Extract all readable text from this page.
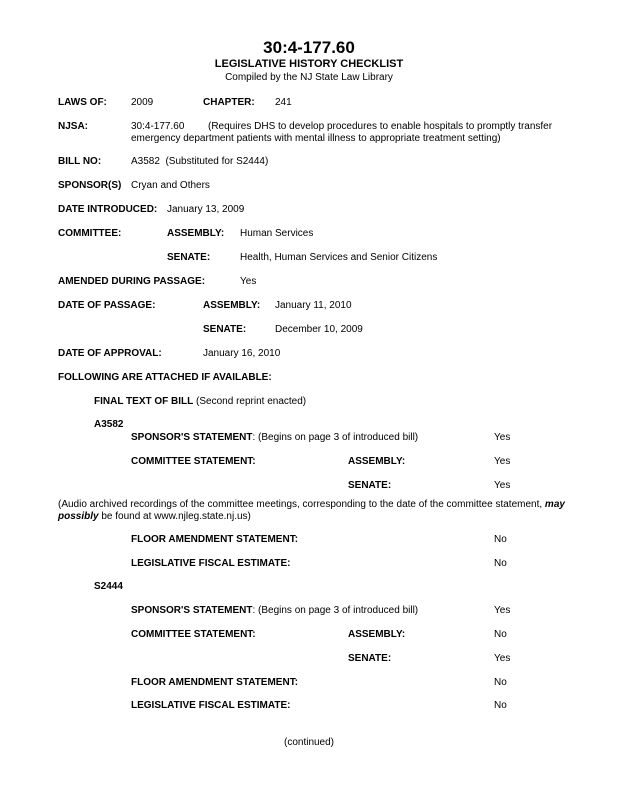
30:4-177.60
LEGISLATIVE HISTORY CHECKLIST
Compiled by the NJ State Law Library
LAWS OF: 2009	CHAPTER: 241
NJSA:	30:4-177.60	(Requires DHS to develop procedures to enable hospitals to promptly transfer emergency department patients with mental illness to appropriate treatment setting)
BILL NO:	A3582  (Substituted for S2444)
SPONSOR(S) Cryan and Others
DATE INTRODUCED: January 13, 2009
COMMITTEE:	ASSEMBLY: Human Services
SENATE:	Health, Human Services and Senior Citizens
AMENDED DURING PASSAGE:	Yes
DATE OF PASSAGE:	ASSEMBLY: January 11, 2010
SENATE:	December 10, 2009
DATE OF APPROVAL:	January 16, 2010
FOLLOWING ARE ATTACHED IF AVAILABLE:
FINAL TEXT OF BILL (Second reprint enacted)
A3582
SPONSOR'S STATEMENT: (Begins on page 3 of introduced bill)	Yes
COMMITTEE STATEMENT:	ASSEMBLY:	Yes
SENATE:	Yes
(Audio archived recordings of the committee meetings, corresponding to the date of the committee statement, may possibly be found at www.njleg.state.nj.us)
FLOOR AMENDMENT STATEMENT:	No
LEGISLATIVE FISCAL ESTIMATE:	No
S2444
SPONSOR'S STATEMENT: (Begins on page 3 of introduced bill)	Yes
COMMITTEE STATEMENT:	ASSEMBLY:	No
SENATE:	Yes
FLOOR AMENDMENT STATEMENT:	No
LEGISLATIVE FISCAL ESTIMATE:	No
(continued)
